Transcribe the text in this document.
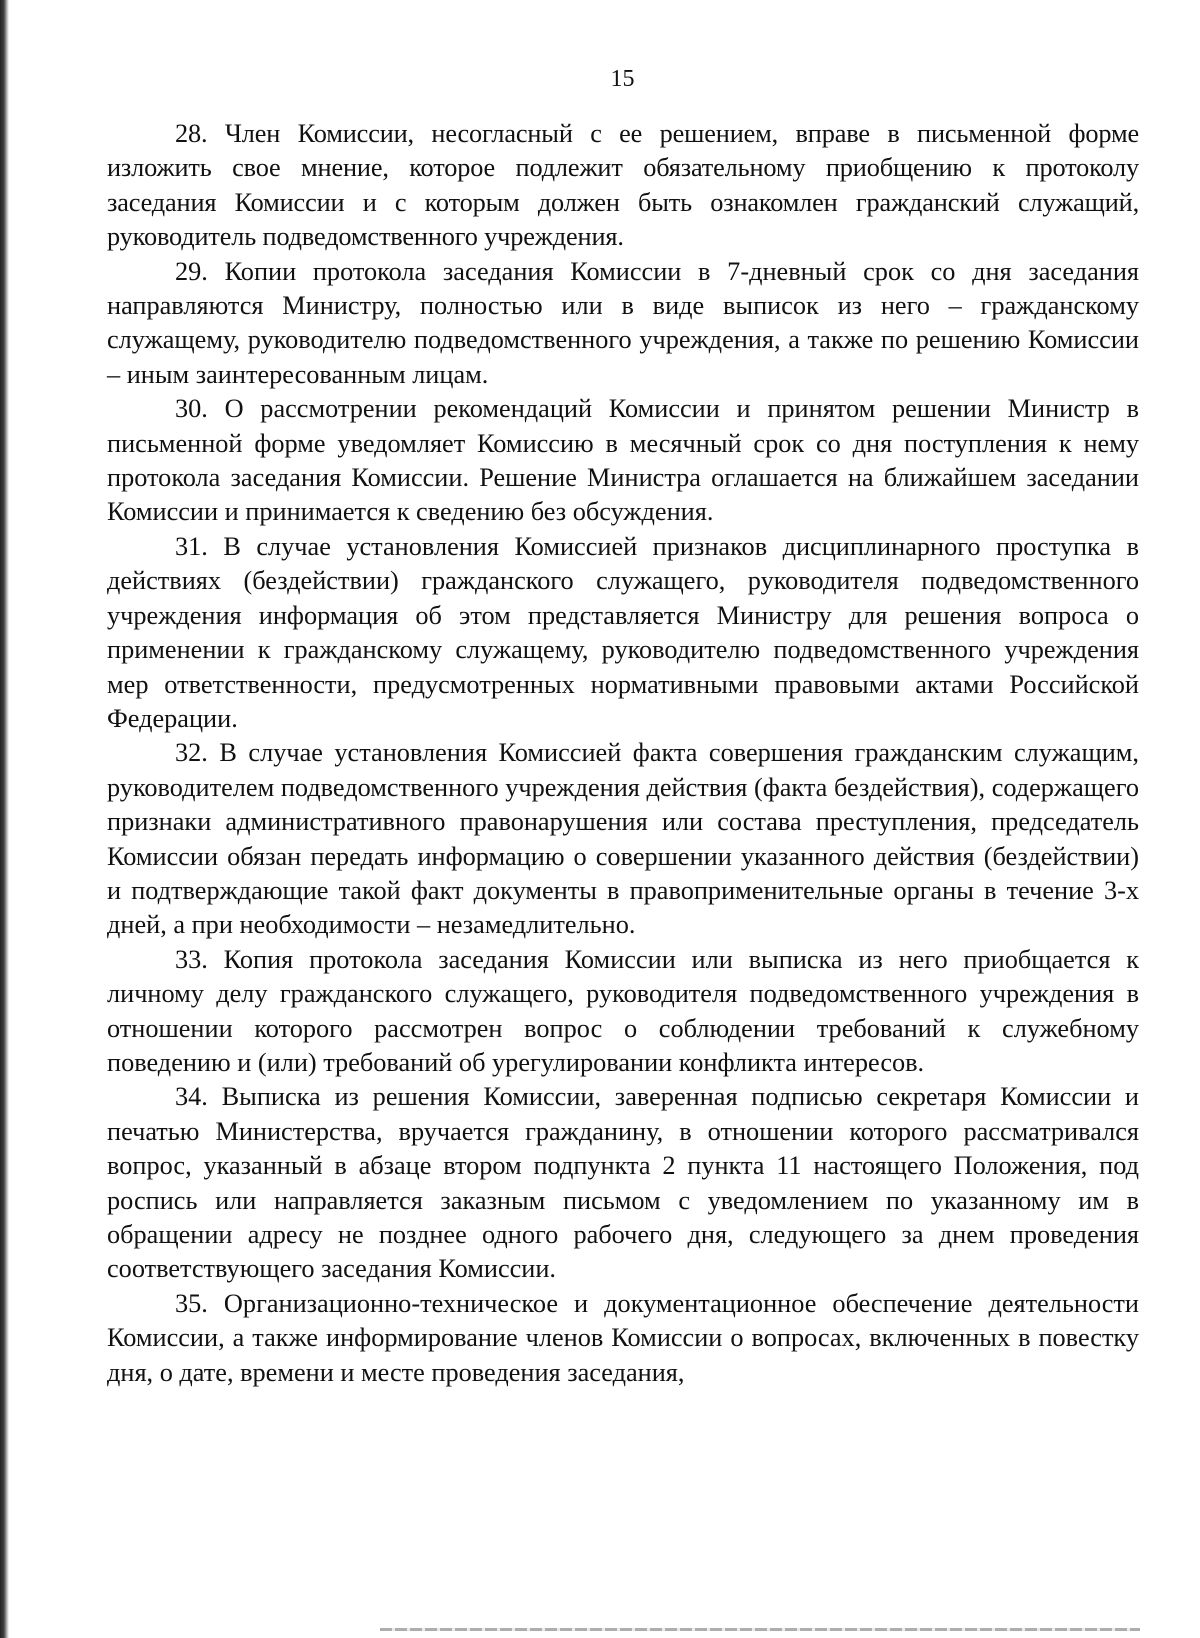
15

28. Член Комиссии, несогласный с ее решением, вправе в письменной форме изложить свое мнение, которое подлежит обязательному приобщению к протоколу заседания Комиссии и с которым должен быть ознакомлен гражданский служащий, руководитель подведомственного учреждения.

29. Копии протокола заседания Комиссии в 7-дневный срок со дня заседания направляются Министру, полностью или в виде выписок из него – гражданскому служащему, руководителю подведомственного учреждения, а также по решению Комиссии – иным заинтересованным лицам.

30. О рассмотрении рекомендаций Комиссии и принятом решении Министр в письменной форме уведомляет Комиссию в месячный срок со дня поступления к нему протокола заседания Комиссии. Решение Министра оглашается на ближайшем заседании Комиссии и принимается к сведению без обсуждения.

31. В случае установления Комиссией признаков дисциплинарного проступка в действиях (бездействии) гражданского служащего, руководителя подведомственного учреждения информация об этом представляется Министру для решения вопроса о применении к гражданскому служащему, руководителю подведомственного учреждения мер ответственности, предусмотренных нормативными правовыми актами Российской Федерации.

32. В случае установления Комиссией факта совершения гражданским служащим, руководителем подведомственного учреждения действия (факта бездействия), содержащего признаки административного правонарушения или состава преступления, председатель Комиссии обязан передать информацию о совершении указанного действия (бездействии) и подтверждающие такой факт документы в правоприменительные органы в течение 3-х дней, а при необходимости – незамедлительно.

33. Копия протокола заседания Комиссии или выписка из него приобщается к личному делу гражданского служащего, руководителя подведомственного учреждения в отношении которого рассмотрен вопрос о соблюдении требований к служебному поведению и (или) требований об урегулировании конфликта интересов.

34. Выписка из решения Комиссии, заверенная подписью секретаря Комиссии и печатью Министерства, вручается гражданину, в отношении которого рассматривался вопрос, указанный в абзаце втором подпункта 2 пункта 11 настоящего Положения, под роспись или направляется заказным письмом с уведомлением по указанному им в обращении адресу не позднее одного рабочего дня, следующего за днем проведения соответствующего заседания Комиссии.

35. Организационно-техническое и документационное обеспечение деятельности Комиссии, а также информирование членов Комиссии о вопросах, включенных в повестку дня, о дате, времени и месте проведения заседания,
